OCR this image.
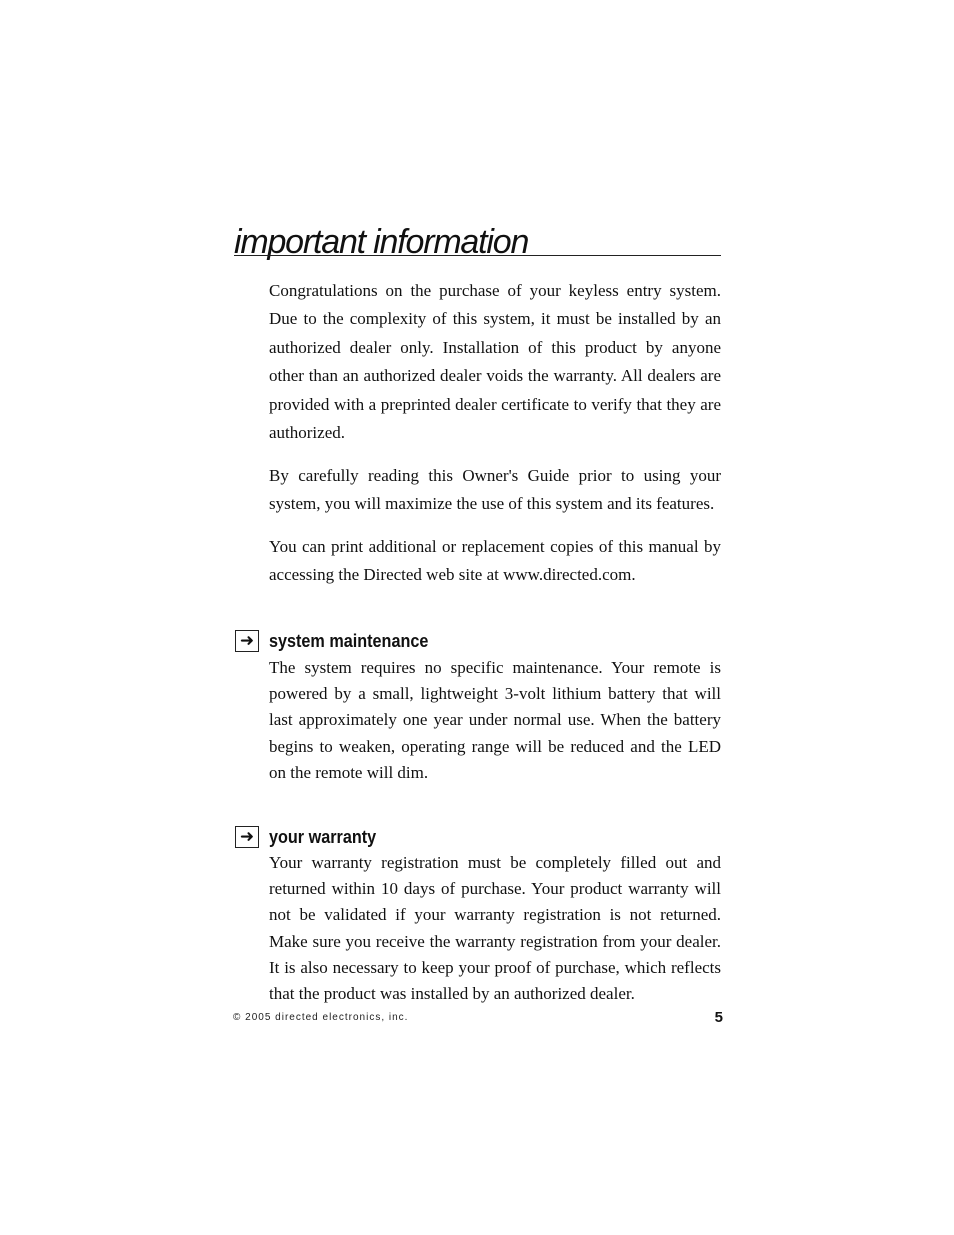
important information

Congratulations on the purchase of your keyless entry system. Due to the complexity of this system, it must be installed by an authorized dealer only. Installation of this product by anyone other than an authorized dealer voids the warranty. All dealers are provided with a preprinted dealer certificate to verify that they are authorized.

By carefully reading this Owner's Guide prior to using your system, you will maximize the use of this system and its features.

You can print additional or replacement copies of this manual by accessing the Directed web site at www.directed.com.

➜ system maintenance

The system requires no specific maintenance. Your remote is powered by a small, lightweight 3-volt lithium battery that will last approximately one year under normal use. When the battery begins to weaken, operating range will be reduced and the LED on the remote will dim.

➜ your warranty

Your warranty registration must be completely filled out and returned within 10 days of purchase. Your product warranty will not be validated if your warranty registration is not returned. Make sure you receive the warranty registration from your dealer. It is also necessary to keep your proof of purchase, which reflects that the product was installed by an authorized dealer.

© 2005 directed electronics, inc.	5
